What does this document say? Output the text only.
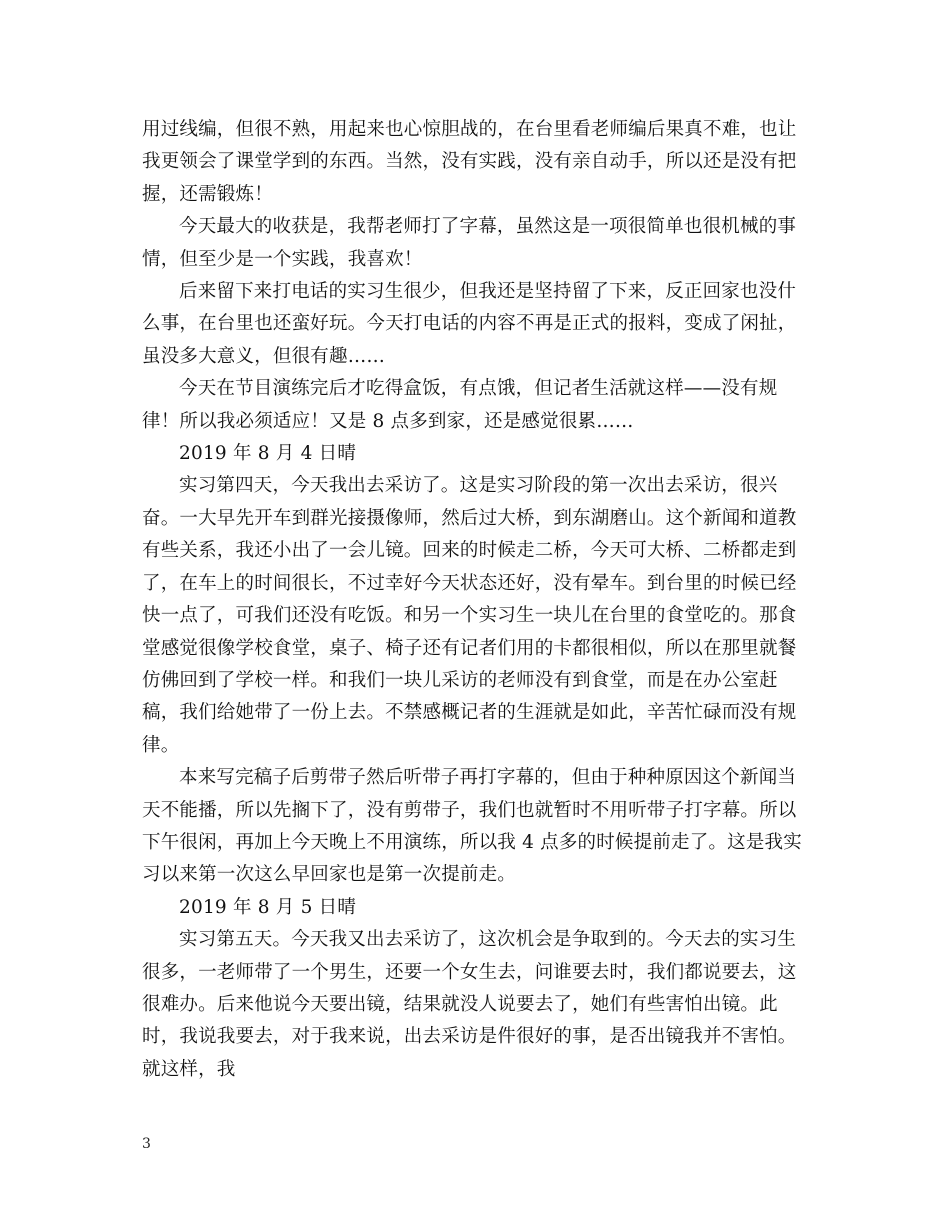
用过线编，但很不熟，用起来也心惊胆战的，在台里看老师编后果真不难，也让我更领会了课堂学到的东西。当然，没有实践，没有亲自动手，所以还是没有把握，还需锻炼！

今天最大的收获是，我帮老师打了字幕，虽然这是一项很简单也很机械的事情，但至少是一个实践，我喜欢！

后来留下来打电话的实习生很少，但我还是坚持留了下来，反正回家也没什么事，在台里也还蛮好玩。今天打电话的内容不再是正式的报料，变成了闲扯，虽没多大意义，但很有趣……

今天在节目演练完后才吃得盒饭，有点饿，但记者生活就这样——没有规律！所以我必须适应！又是 8 点多到家，还是感觉很累……

2019 年 8 月 4 日晴

实习第四天，今天我出去采访了。这是实习阶段的第一次出去采访，很兴奋。一大早先开车到群光接摄像师，然后过大桥，到东湖磨山。这个新闻和道教有些关系，我还小出了一会儿镜。回来的时候走二桥，今天可大桥、二桥都走到了，在车上的时间很长，不过幸好今天状态还好，没有晕车。到台里的时候已经快一点了，可我们还没有吃饭。和另一个实习生一块儿在台里的食堂吃的。那食堂感觉很像学校食堂，桌子、椅子还有记者们用的卡都很相似，所以在那里就餐仿佛回到了学校一样。和我们一块儿采访的老师没有到食堂，而是在办公室赶稿，我们给她带了一份上去。不禁感概记者的生涯就是如此，辛苦忙碌而没有规律。

本来写完稿子后剪带子然后听带子再打字幕的，但由于种种原因这个新闻当天不能播，所以先搁下了，没有剪带子，我们也就暂时不用听带子打字幕。所以下午很闲，再加上今天晚上不用演练，所以我 4 点多的时候提前走了。这是我实习以来第一次这么早回家也是第一次提前走。

2019 年 8 月 5 日晴

实习第五天。今天我又出去采访了，这次机会是争取到的。今天去的实习生很多，一老师带了一个男生，还要一个女生去，问谁要去时，我们都说要去，这很难办。后来他说今天要出镜，结果就没人说要去了，她们有些害怕出镜。此时，我说我要去，对于我来说，出去采访是件很好的事，是否出镜我并不害怕。就这样，我

3
